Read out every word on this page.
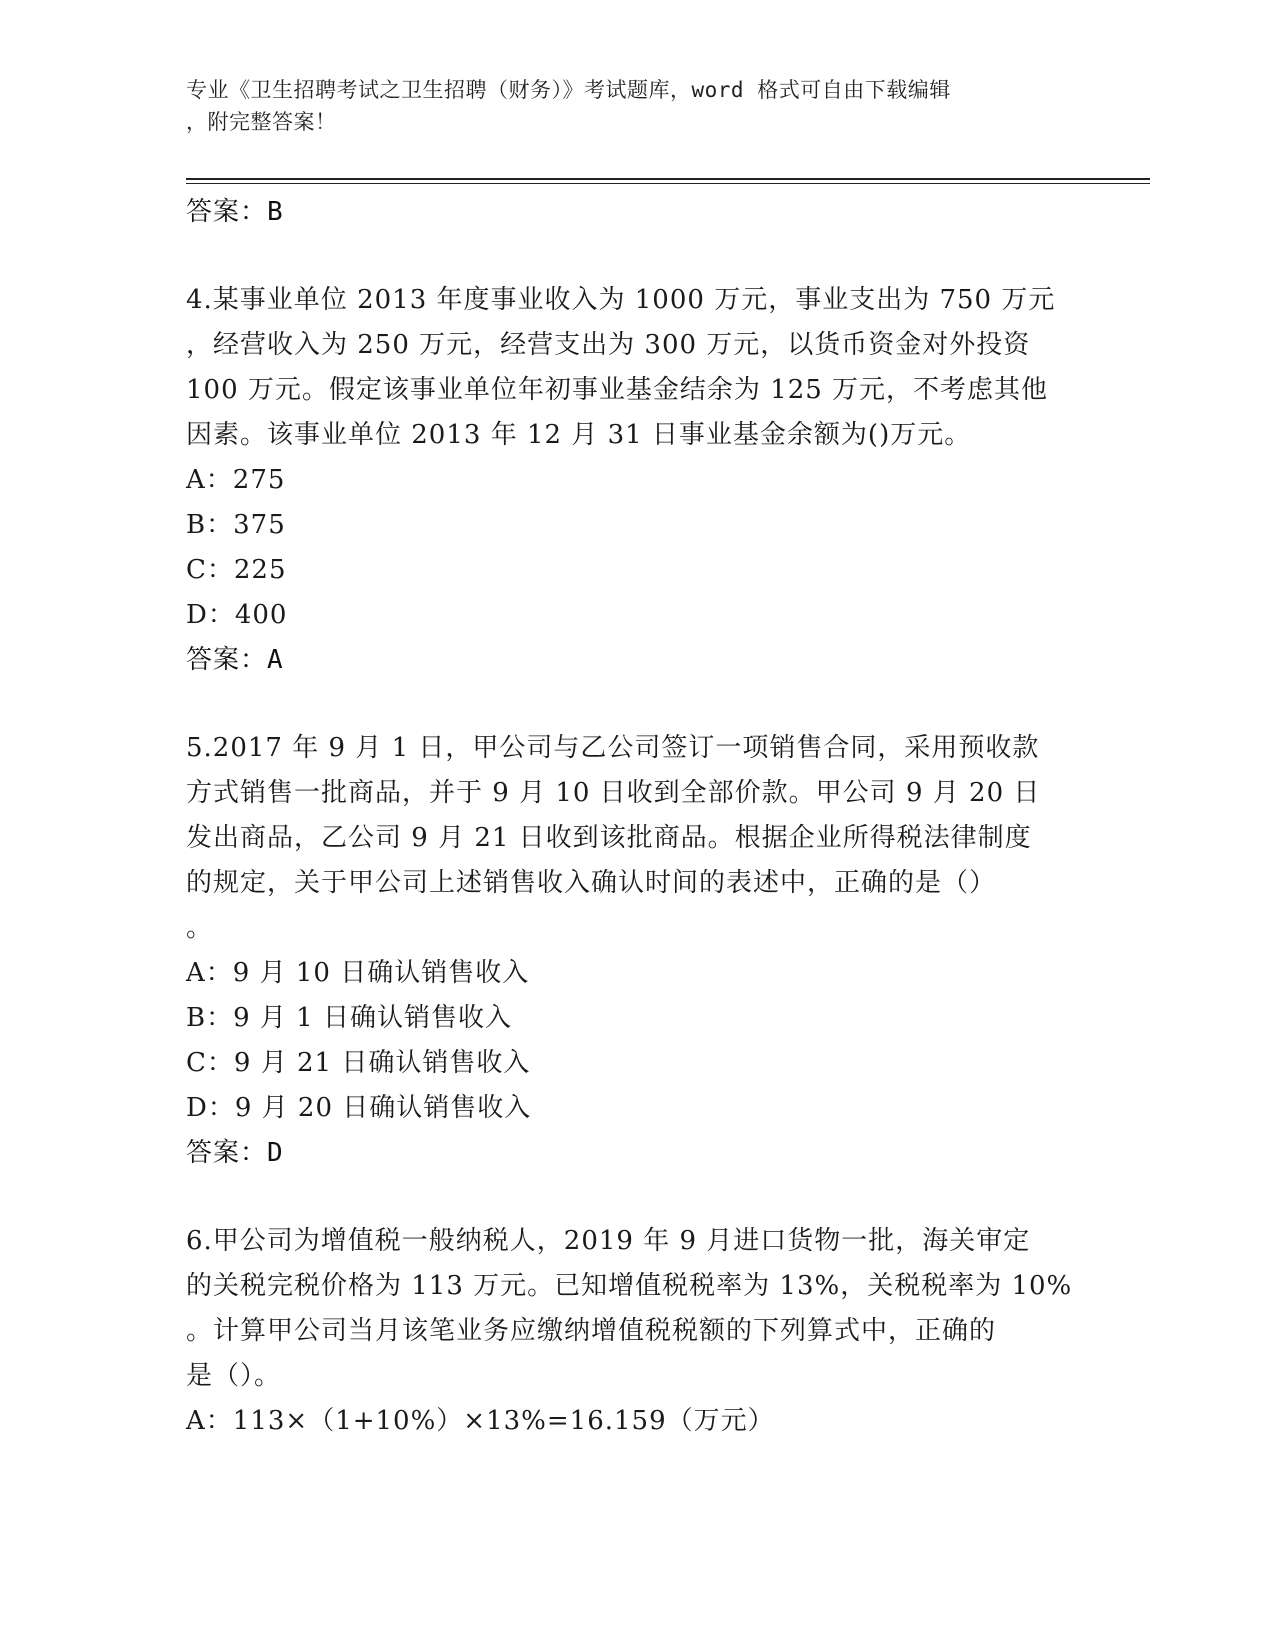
专业《卫生招聘考试之卫生招聘（财务）》考试题库，word 格式可自由下载编辑
，附完整答案！
答案：B
4.某事业单位 2013 年度事业收入为 1000 万元，事业支出为 750 万元
，经营收入为 250 万元，经营支出为 300 万元，以货币资金对外投资
100 万元。假定该事业单位年初事业基金结余为 125 万元，不考虑其他
因素。该事业单位 2013 年 12 月 31 日事业基金余额为()万元。
A：275
B：375
C：225
D：400
答案：A
5.2017 年 9 月 1 日，甲公司与乙公司签订一项销售合同，采用预收款
方式销售一批商品，并于 9 月 10 日收到全部价款。甲公司 9 月 20 日
发出商品，乙公司 9 月 21 日收到该批商品。根据企业所得税法律制度
的规定，关于甲公司上述销售收入确认时间的表述中，正确的是（）
。
A：9 月 10 日确认销售收入
B：9 月 1 日确认销售收入
C：9 月 21 日确认销售收入
D：9 月 20 日确认销售收入
答案：D
6.甲公司为增值税一般纳税人，2019 年 9 月进口货物一批，海关审定
的关税完税价格为 113 万元。已知增值税税率为 13%，关税税率为 10%
。计算甲公司当月该笔业务应缴纳增值税税额的下列算式中，正确的
是（）。
A：113×（1+10%）×13%=16.159（万元）
